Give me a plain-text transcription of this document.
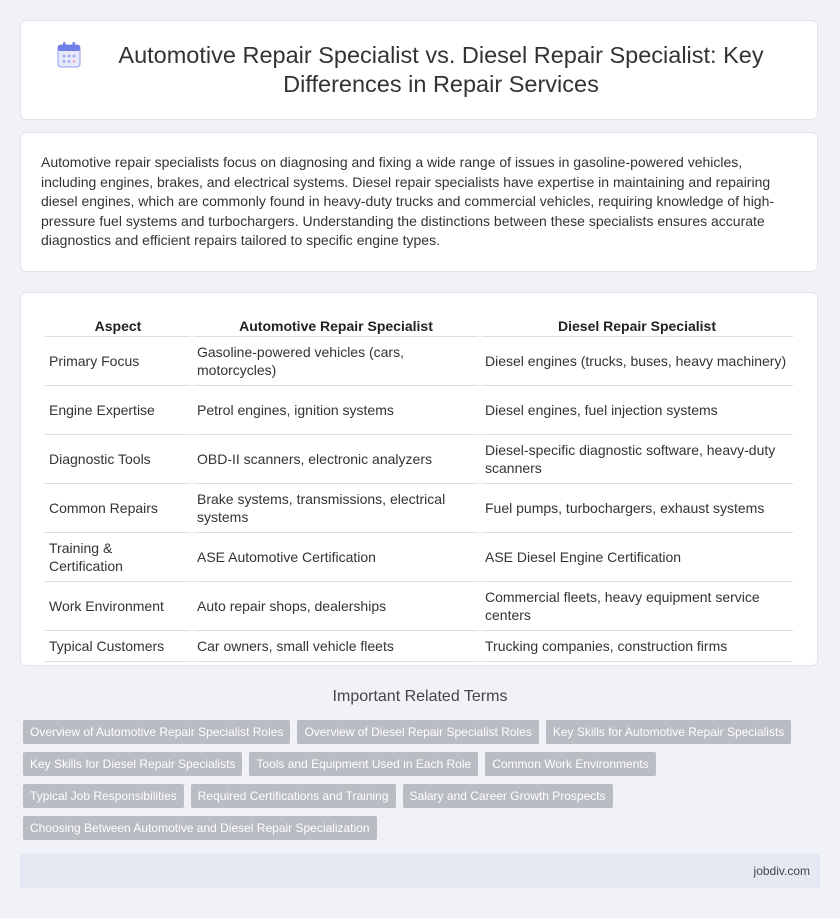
Automotive Repair Specialist vs. Diesel Repair Specialist: Key Differences in Repair Services

Automotive repair specialists focus on diagnosing and fixing a wide range of issues in gasoline-powered vehicles, including engines, brakes, and electrical systems. Diesel repair specialists have expertise in maintaining and repairing diesel engines, which are commonly found in heavy-duty trucks and commercial vehicles, requiring knowledge of high-pressure fuel systems and turbochargers. Understanding the distinctions between these specialists ensures accurate diagnostics and efficient repairs tailored to specific engine types.

Aspect	Automotive Repair Specialist	Diesel Repair Specialist
Primary Focus	Gasoline-powered vehicles (cars, motorcycles)	Diesel engines (trucks, buses, heavy machinery)
Engine Expertise	Petrol engines, ignition systems	Diesel engines, fuel injection systems
Diagnostic Tools	OBD-II scanners, electronic analyzers	Diesel-specific diagnostic software, heavy-duty scanners
Common Repairs	Brake systems, transmissions, electrical systems	Fuel pumps, turbochargers, exhaust systems
Training & Certification	ASE Automotive Certification	ASE Diesel Engine Certification
Work Environment	Auto repair shops, dealerships	Commercial fleets, heavy equipment service centers
Typical Customers	Car owners, small vehicle fleets	Trucking companies, construction firms
Important Related Terms
Overview of Automotive Repair Specialist Roles	Overview of Diesel Repair Specialist Roles	Key Skills for Automotive Repair Specialists
Key Skills for Diesel Repair Specialists	Tools and Equipment Used in Each Role	Common Work Environments
Typical Job Responsibilities	Required Certifications and Training	Salary and Career Growth Prospects
Choosing Between Automotive and Diesel Repair Specialization
jobdiv.com
